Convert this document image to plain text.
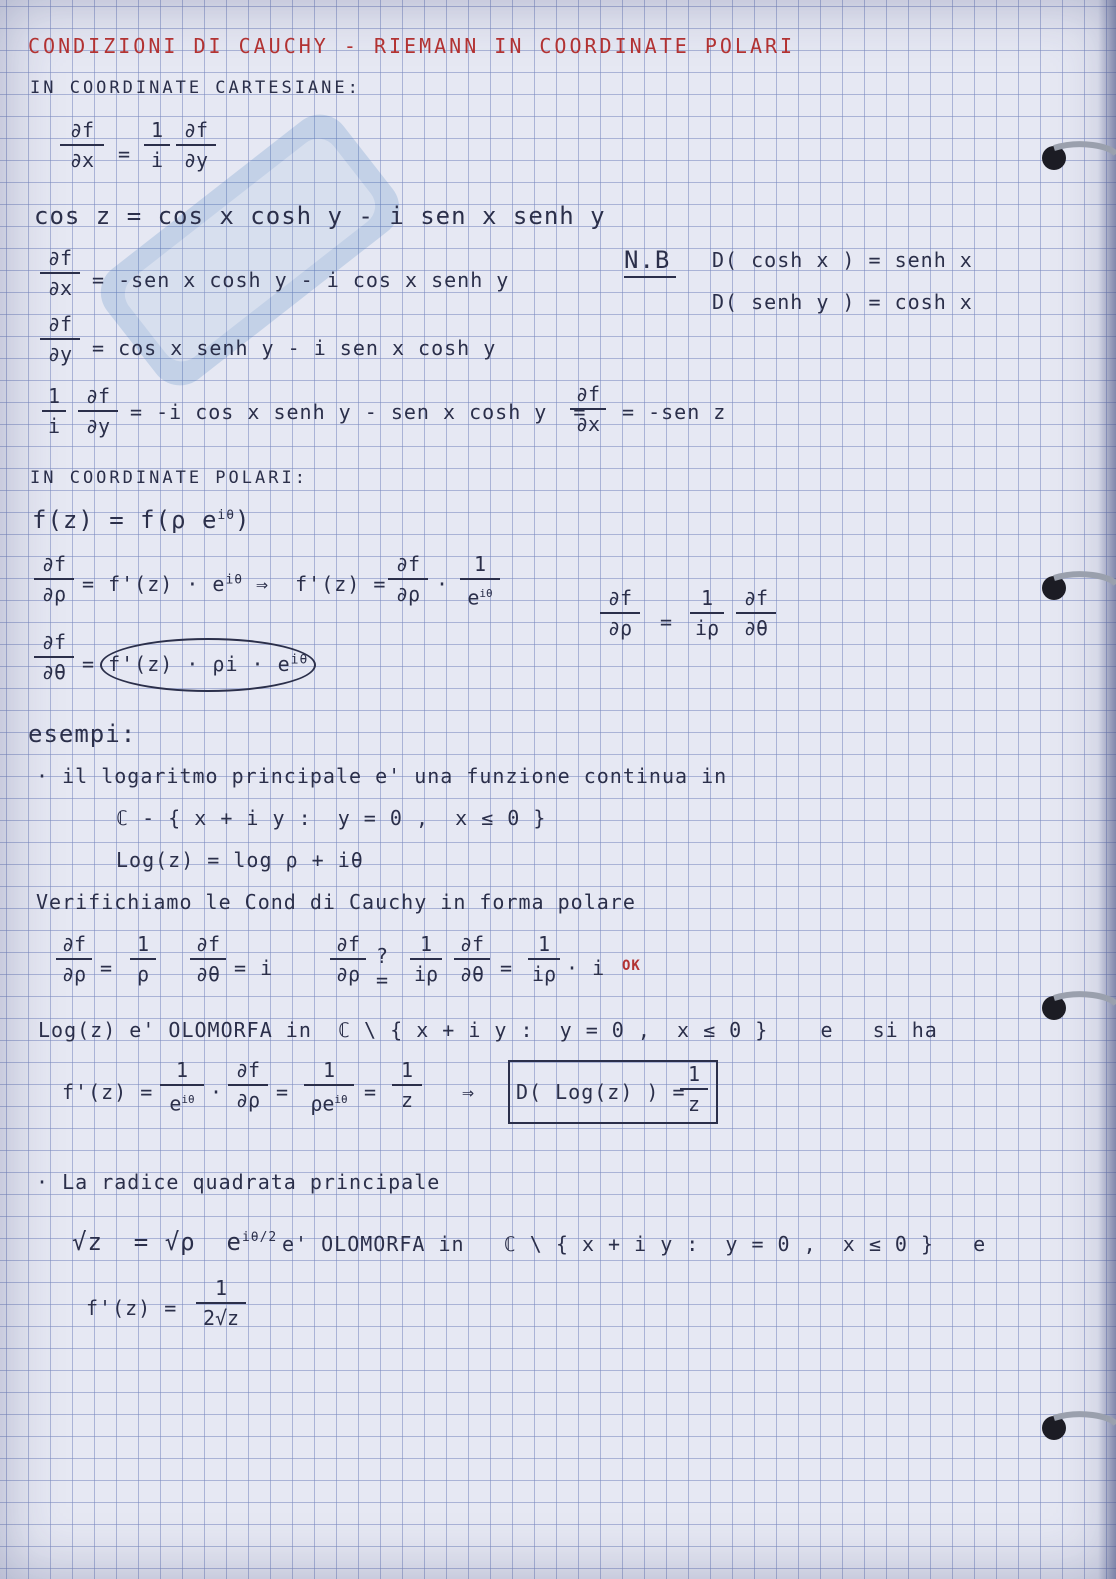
CONDIZIONI DI CAUCHY - RIEMANN IN COORDINATE POLARI
IN COORDINATE CARTESIANE:
∂f
∂x	=
1
i
∂f
∂y
cos z = cos x cosh y - i sen x senh y
∂f
∂x = -sen x cosh y - i cos x senh y
∂f
∂y = cos x senh y - i sen x cosh y
1
i
∂f
∂y
= -i cos x senh y - sen x cosh y  =
∂f
∂x = -sen z
N.B D( cosh x ) = senh x
D( senh y ) = cosh x
IN COORDINATE POLARI:
f(z) = f(ρ $e^{i\theta}$)
∂f
$\partial\rho = f'(z) \cdot e^{i\theta}$ ⇒  f'(z) =
∂f
∂ρ ·
1
$e^{i\theta}$
∂f
$\partial\theta = f'(z) \cdot \rho i \cdot e^{i\theta}$
∂f
∂ρ	=
1
iρ
∂f
∂θ
esempi:
· il logaritmo principale e' una funzione continua in
ℂ - { x + i y :  y = 0 ,  x ≤ 0 }
Log(z) = log ρ + iθ
Verifichiamo le Cond di Cauchy in forma polare
∂f
∂ρ =
1
ρ
∂f
∂θ = i
∂f
∂ρ
?
=
1
iρ
∂f
∂θ =
1
iρ · i OK
Log(z) e' OLOMORFA in  ℂ \ { x + i y :  y = 0 ,  x ≤ 0 }    e   si ha
f'(z) =
1
$e^{i\theta}$ ·
∂f
∂ρ =
1
$\rho e^{i\theta}$ =
1
z	⇒ D( Log(z) ) =
1
z
· La radice quadrata principale
√z  = √ρ  $e^{i\theta/2}$ e' OLOMORFA in   ℂ \ { x + i y :  y = 0 ,  x ≤ 0 }   e
f'(z) =
1
2√z
